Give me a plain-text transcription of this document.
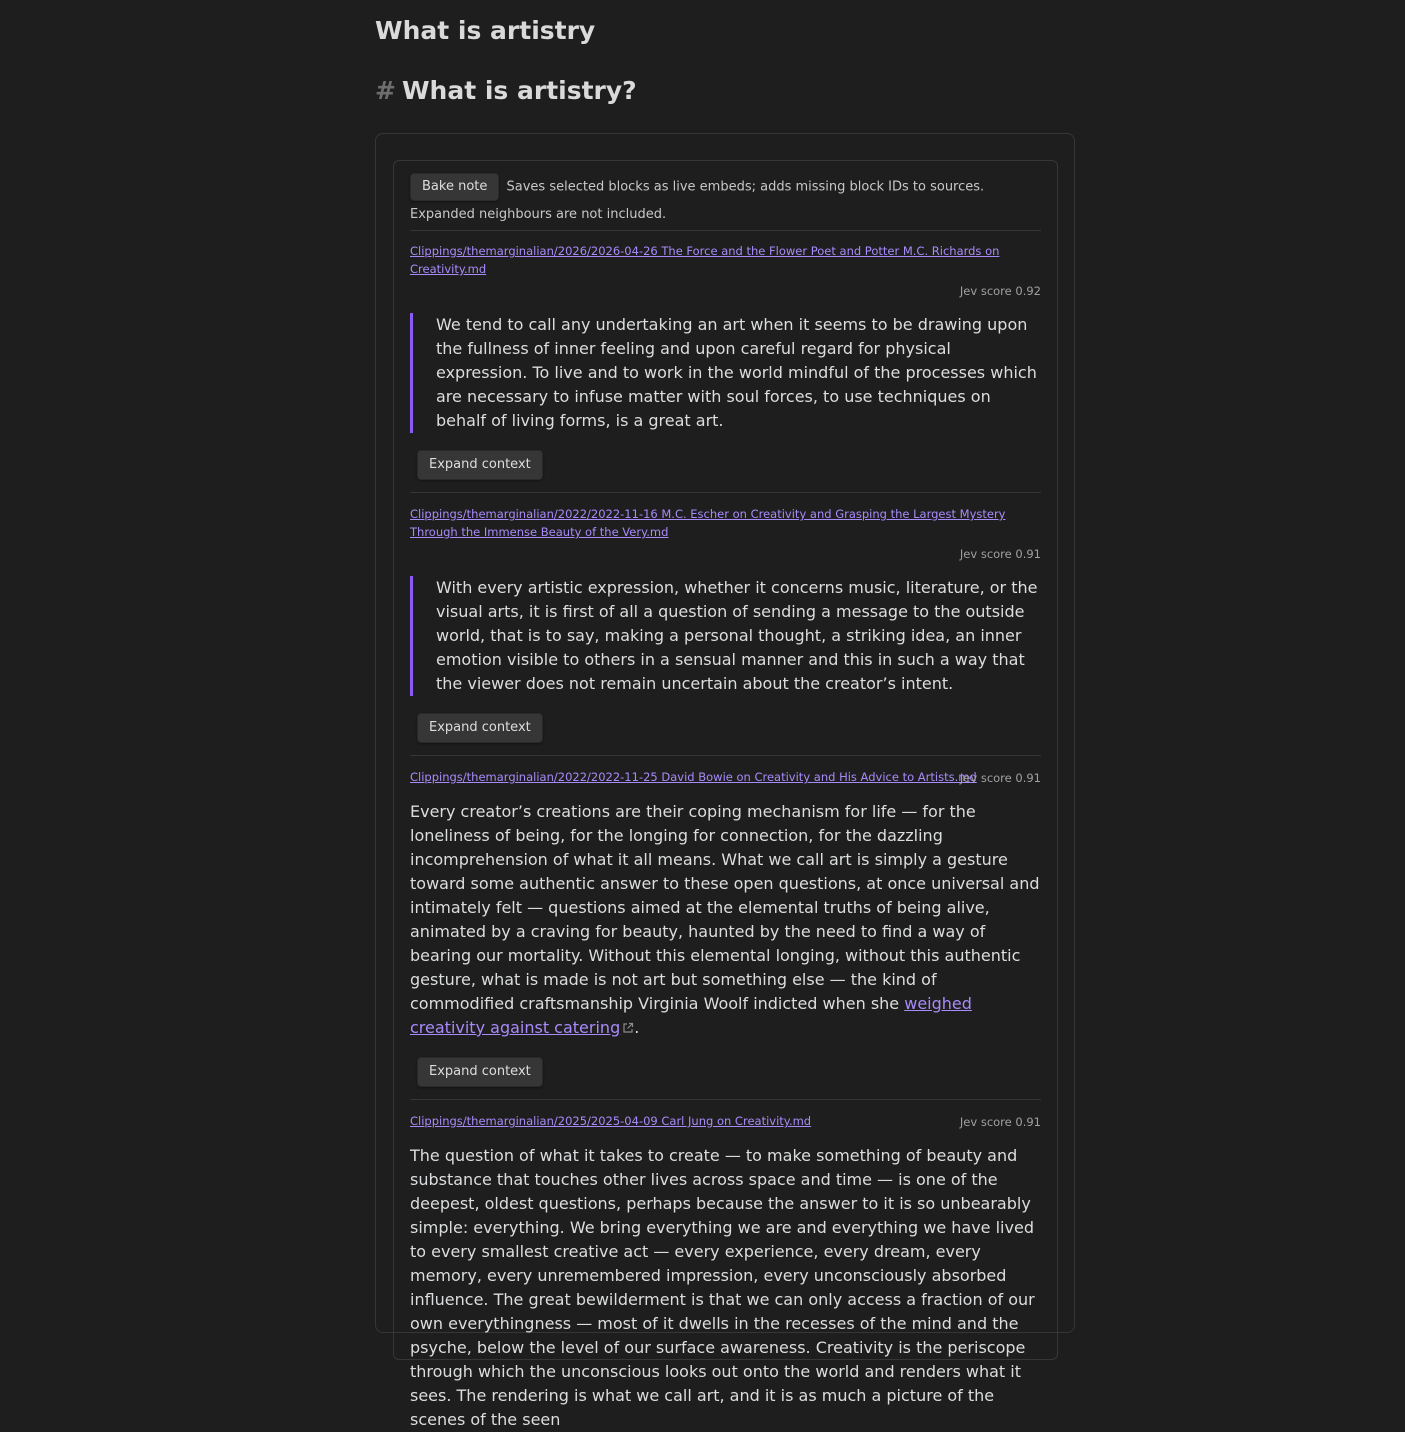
What is artistry
# What is artistry?
Bake note Saves selected blocks as live embeds; adds missing block IDs to sources. Expanded neighbours are not included.
Clippings/themarginalian/2026/2026-04-26 The Force and the Flower Poet and Potter M.C. Richards on Creativity.md
Jev score 0.92
We tend to call any undertaking an art when it seems to be drawing upon the fullness of inner feeling and upon careful regard for physical expression. To live and to work in the world mindful of the processes which are necessary to infuse matter with soul forces, to use techniques on behalf of living forms, is a great art.
Expand context
Clippings/themarginalian/2022/2022-11-16 M.C. Escher on Creativity and Grasping the Largest Mystery Through the Immense Beauty of the Very.md
Jev score 0.91
With every artistic expression, whether it concerns music, literature, or the visual arts, it is first of all a question of sending a message to the outside world, that is to say, making a personal thought, a striking idea, an inner emotion visible to others in a sensual manner and this in such a way that the viewer does not remain uncertain about the creator’s intent.
Expand context
Clippings/themarginalian/2022/2022-11-25 David Bowie on Creativity and His Advice to Artists.md
Jev score 0.91
Every creator’s creations are their coping mechanism for life — for the loneliness of being, for the longing for connection, for the dazzling incomprehension of what it all means. What we call art is simply a gesture toward some authentic answer to these open questions, at once universal and intimately felt — questions aimed at the elemental truths of being alive, animated by a craving for beauty, haunted by the need to find a way of bearing our mortality. Without this elemental longing, without this authentic gesture, what is made is not art but something else — the kind of commodified craftsmanship Virginia Woolf indicted when she weighed creativity against catering .
Expand context
Clippings/themarginalian/2025/2025-04-09 Carl Jung on Creativity.md	Jev score 0.91
The question of what it takes to create — to make something of beauty and substance that touches other lives across space and time — is one of the deepest, oldest questions, perhaps because the answer to it is so unbearably simple: everything. We bring everything we are and everything we have lived to every smallest creative act — every experience, every dream, every memory, every unremembered impression, every unconsciously absorbed influence. The great bewilderment is that we can only access a fraction of our own everythingness — most of it dwells in the recesses of the mind and the psyche, below the level of our surface awareness. Creativity is the periscope through which the unconscious looks out onto the world and renders what it sees. The rendering is what we call art, and it is as much a picture of the scenes of the seen
